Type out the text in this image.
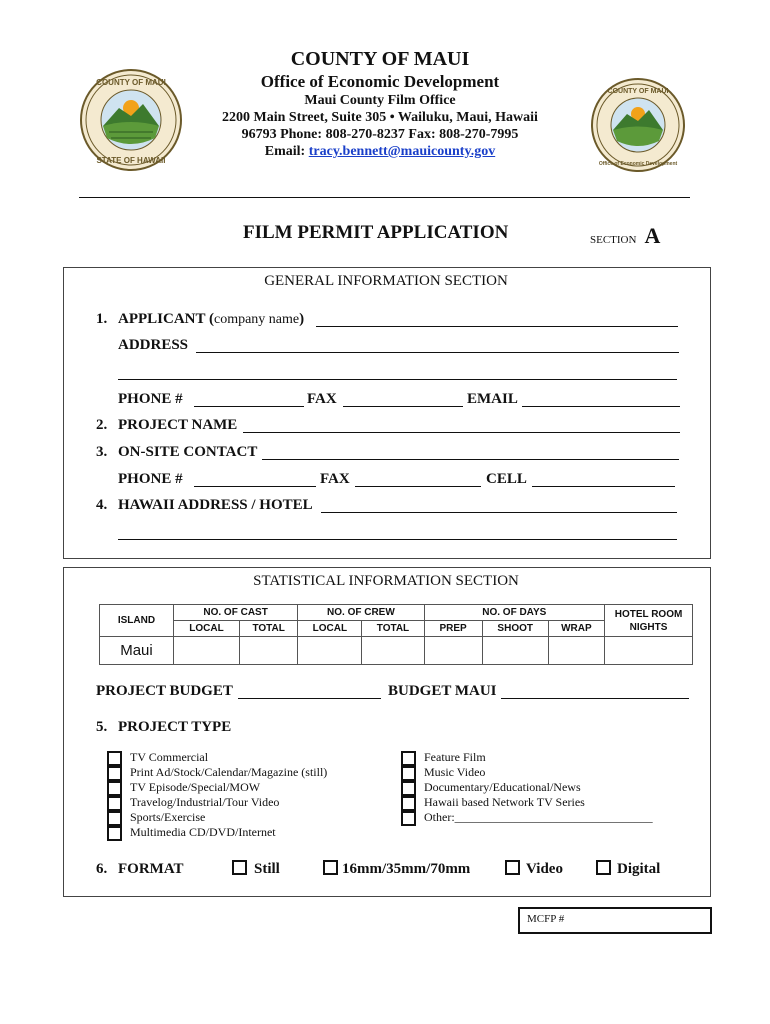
COUNTY OF MAUI
STATE OF HAWAII
COUNTY OF MAUI
Office of Economic Development
COUNTY OF MAUI
Office of Economic Development
Maui County Film Office
2200 Main Street, Suite 305 • Wailuku, Maui, Hawaii
96793 Phone: 808-270-8237 Fax: 808-270-7995
Email: tracy.bennett@mauicounty.gov
FILM PERMIT APPLICATION	SECTION A
GENERAL INFORMATION SECTION
1. APPLICANT (company name)
ADDRESS
PHONE #	FAX	EMAIL
2. PROJECT NAME
3. ON-SITE CONTACT
PHONE #	FAX	CELL
4. HAWAII ADDRESS / HOTEL
STATISTICAL INFORMATION SECTION
ISLAND	NO. OF CAST		NO. OF CREW		NO. OF DAYS			HOTEL ROOM NIGHTS
	LOCAL	TOTAL	LOCAL	TOTAL	PREP	SHOOT	WRAP	
Maui								
PROJECT BUDGET	BUDGET MAUI
5. PROJECT TYPE
TV Commercial
Print Ad/Stock/Calendar/Magazine (still)
TV Episode/Special/MOW
Travelog/Industrial/Tour Video
Sports/Exercise
Multimedia CD/DVD/Internet
Feature Film
Music Video
Documentary/Educational/News
Hawaii based Network TV Series
Other:_________________________________
6. FORMAT	Still	16mm/35mm/70mm	Video	Digital
MCFP #
